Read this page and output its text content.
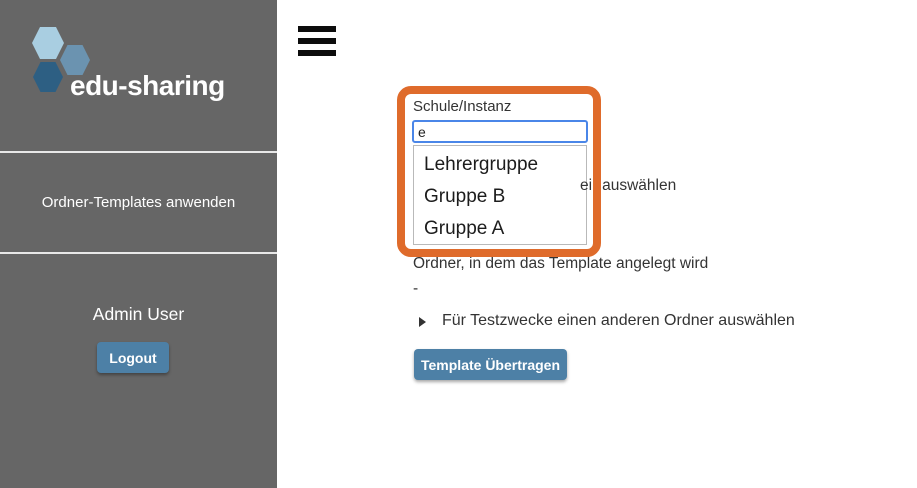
edu-sharing
Ordner-Templates anwenden
Admin User
Logout
Schule/Instanz
e
Lehrergruppe
Gruppe B
Gruppe A
ei auswählen
Ordner, in dem das Template angelegt wird
-
Für Testzwecke einen anderen Ordner auswählen
Template Übertragen
